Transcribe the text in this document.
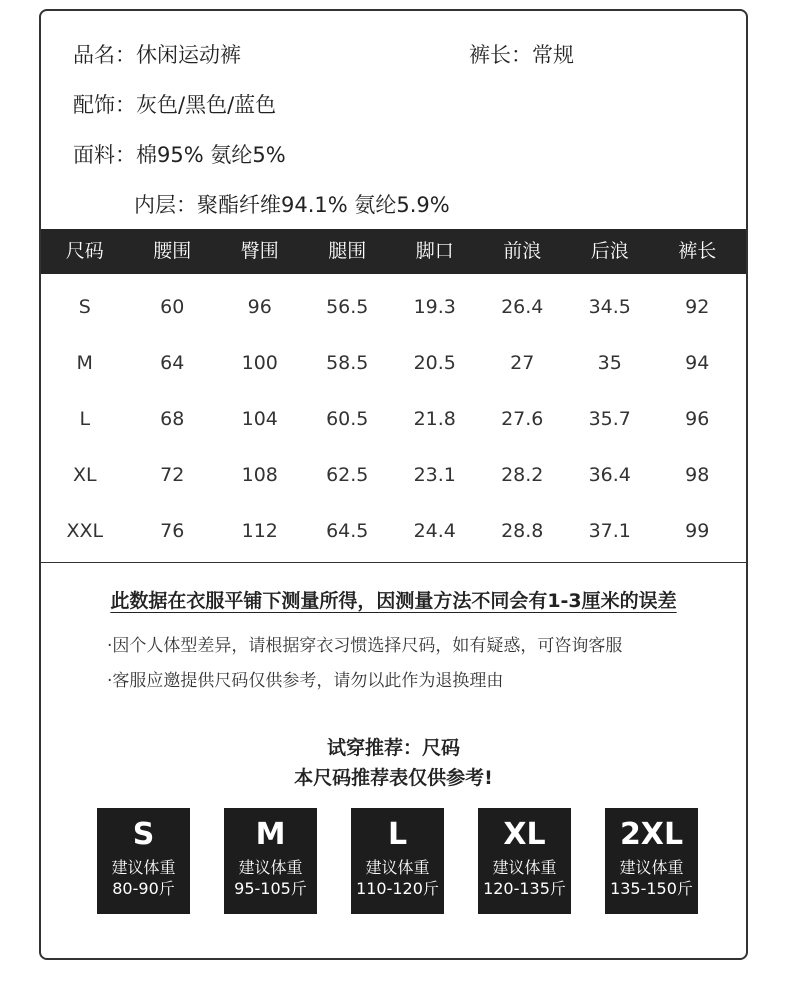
品名：休闲运动裤	裤长：常规
配饰：灰色/黑色/蓝色
面料：棉95% 氨纶5%
内层：聚酯纤维94.1% 氨纶5.9%
尺码	腰围	臀围	腿围	脚口	前浪	后浪	裤长
S	60	96	56.5	19.3	26.4	34.5	92
M	64	100	58.5	20.5	27	35	94
L	68	104	60.5	21.8	27.6	35.7	96
XL	72	108	62.5	23.1	28.2	36.4	98
XXL	76	112	64.5	24.4	28.8	37.1	99
此数据在衣服平铺下测量所得，因测量方法不同会有1-3厘米的误差
·因个人体型差异，请根据穿衣习惯选择尺码，如有疑惑，可咨询客服
·客服应邀提供尺码仅供参考，请勿以此作为退换理由
试穿推荐：尺码
本尺码推荐表仅供参考!
S
建议体重
80-90斤
M
建议体重
95-105斤
L
建议体重
110-120斤
XL
建议体重
120-135斤
2XL
建议体重
135-150斤
